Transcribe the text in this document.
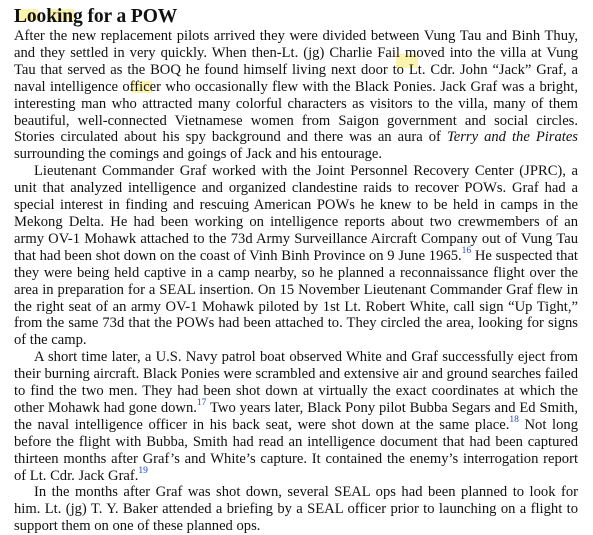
Looking for a POW

After the new replacement pilots arrived they were divided between Vung Tau and Binh Thuy, and they settled in very quickly. When then-Lt. (jg) Charlie Fail moved into the villa at Vung Tau that served as the BOQ he found himself living next door to Lt. Cdr. John “Jack” Graf, a naval intelligence officer who occasionally flew with the Black Ponies. Jack Graf was a bright, interesting man who attracted many colorful characters as visitors to the villa, many of them beautiful, well-connected Vietnamese women from Saigon government and social circles. Stories circulated about his spy background and there was an aura of Terry and the Pirates surrounding the comings and goings of Jack and his entourage.

Lieutenant Commander Graf worked with the Joint Personnel Recovery Center (JPRC), a unit that analyzed intelligence and organized clandestine raids to recover POWs. Graf had a special interest in finding and rescuing American POWs he knew to be held in camps in the Mekong Delta. He had been working on intelligence reports about two crewmembers of an army OV-1 Mohawk attached to the 73d Army Surveillance Aircraft Company out of Vung Tau that had been shot down on the coast of Vinh Binh Province on 9 June 1965.16 He suspected that they were being held captive in a camp nearby, so he planned a reconnaissance flight over the area in preparation for a SEAL insertion. On 15 November Lieutenant Commander Graf flew in the right seat of an army OV-1 Mohawk piloted by 1st Lt. Robert White, call sign “Up Tight,” from the same 73d that the POWs had been attached to. They circled the area, looking for signs of the camp.

A short time later, a U.S. Navy patrol boat observed White and Graf successfully eject from their burning aircraft. Black Ponies were scrambled and extensive air and ground searches failed to find the two men. They had been shot down at virtually the exact coordinates at which the other Mohawk had gone down.$^{17}$ Two years later, Black Pony pilot Bubba Segars and Ed Smith, the naval intelligence officer in his back seat, were shot down at the same place.$^{18}$ Not long before the flight with Bubba, Smith had read an intelligence document that had been captured thirteen months after Graf’s and White’s capture. It contained the enemy’s interrogation report of Lt. Cdr. Jack Graf.$^{19}$

In the months after Graf was shot down, several SEAL ops had been planned to look for him. Lt. (jg) T. Y. Baker attended a briefing by a SEAL officer prior to launching on a flight to support them on one of these planned ops.
